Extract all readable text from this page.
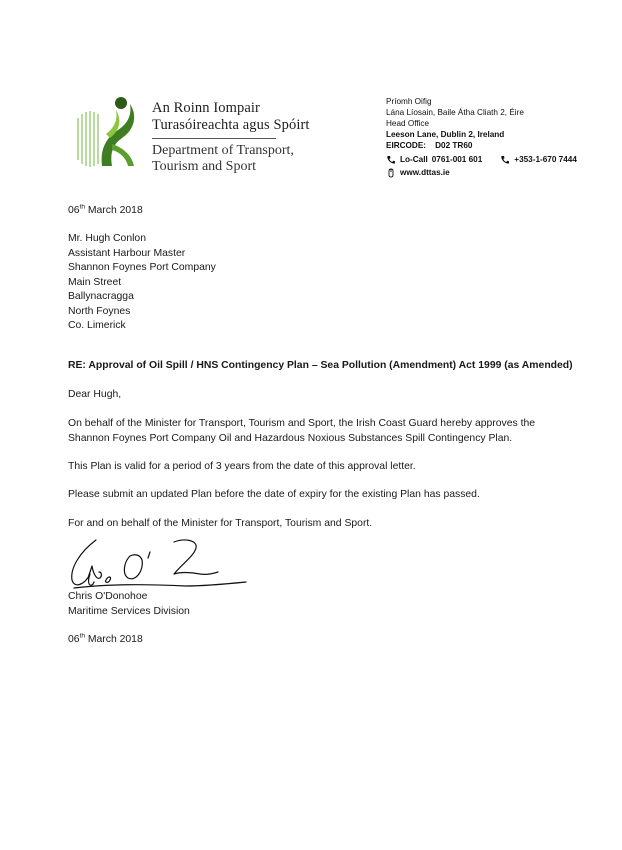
An Roinn Iompair
Turasóireachta agus Spóirt
Department of Transport,
Tourism and Sport
Príomh Oifig
Lána Líosain, Baile Átha Cliath 2, Éire
Head Office
Leeson Lane, Dublin 2, Ireland
EIRCODE: D02 TR60
Lo-Call 0761-001 601	+353-1-670 7444
www.dttas.ie
06th March 2018
Mr. Hugh Conlon
Assistant Harbour Master
Shannon Foynes Port Company
Main Street
Ballynacragga
North Foynes
Co. Limerick
RE: Approval of Oil Spill / HNS Contingency Plan – Sea Pollution (Amendment) Act 1999 (as Amended)
Dear Hugh,
On behalf of the Minister for Transport, Tourism and Sport, the Irish Coast Guard hereby approves the Shannon Foynes Port Company Oil and Hazardous Noxious Substances Spill Contingency Plan.
This Plan is valid for a period of 3 years from the date of this approval letter.
Please submit an updated Plan before the date of expiry for the existing Plan has passed.
For and on behalf of the Minister for Transport, Tourism and Sport.
Chris O'Donohoe
Maritime Services Division
06th March 2018
